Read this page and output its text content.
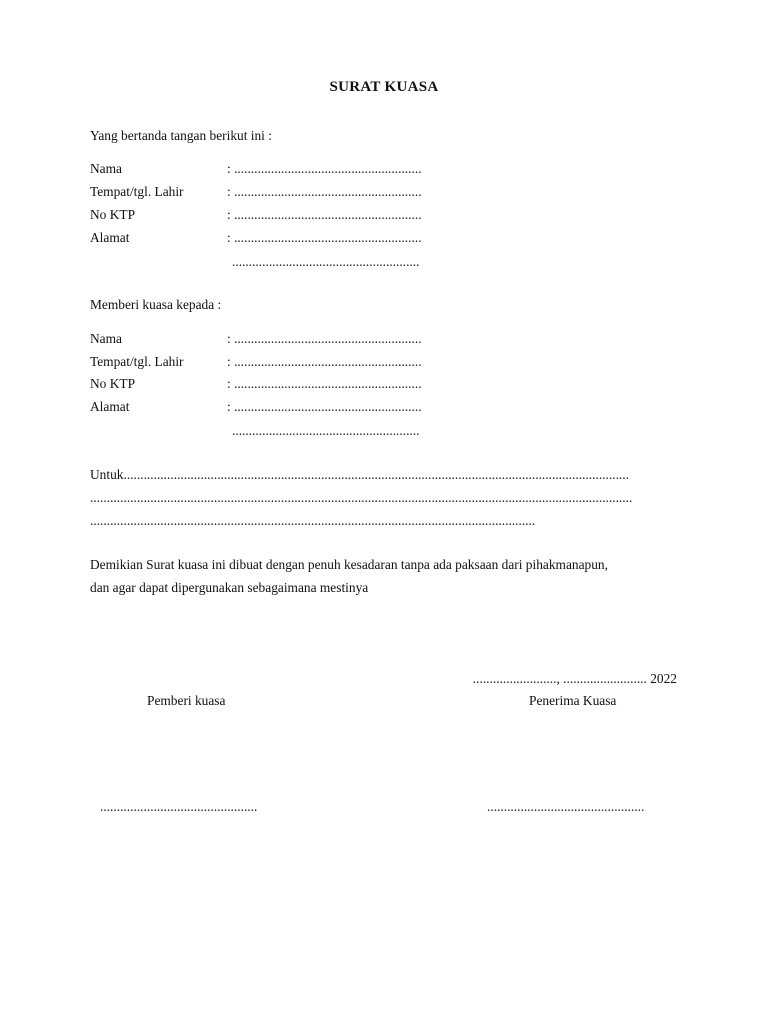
SURAT KUASA
Yang bertanda tangan berikut ini :
Nama	: ........................................................
Tempat/tgl. Lahir	: ........................................................
No KTP	: ........................................................
Alamat	: ........................................................
........................................................
Memberi kuasa kepada :
Nama	: ........................................................
Tempat/tgl. Lahir	: ........................................................
No KTP	: ........................................................
Alamat	: ........................................................
........................................................
Untuk.......................................................................................................................................................
..................................................................................................................................................................
.....................................................................................................................................
Demikian Surat kuasa ini dibuat dengan penuh kesadaran tanpa ada paksaan dari pihakmanapun,
dan agar dapat dipergunakan sebagaimana mestinya
........................., ......................... 2022
Pemberi kuasa	Penerima Kuasa
...............................................	...............................................
